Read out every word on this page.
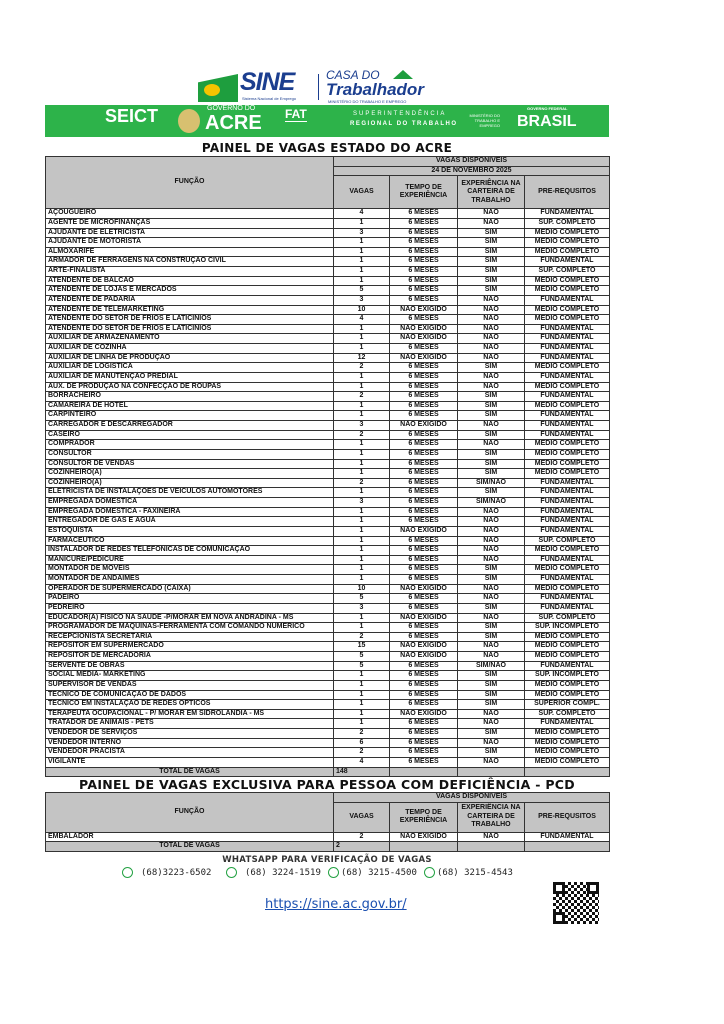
SINE
Sistema Nacional de Emprego
CASA DO
Trabalhador
MINISTÉRIO DO TRABALHO E EMPREGO
SEICT	GOVERNO DO
ACRE FAT	SUPERINTENDÊNCIA
REGIONAL DO TRABALHO
MINISTÉRIO DO TRABALHO E EMPREGO
GOVERNO FEDERAL
BRASIL
PAINEL DE VAGAS ESTADO DO ACRE
FUNÇÃO	VAGAS DISPONIVEIS			
	24 DE NOVEMBRO 2025			
	VAGAS	TEMPO DE EXPERIÊNCIA	EXPERIÊNCIA NA CARTEIRA DE TRABALHO	PRE-REQUSITOS
AÇOUGUEIRO	4	6 MESES	NÃO	FUNDAMENTAL
AGENTE DE MICROFINANÇAS	1	6 MESES	NÃO	SUP. COMPLETO
AJUDANTE DE ELETRICISTA	3	6 MESES	SIM	MÉDIO COMPLETO
AJUDANTE DE MOTORISTA	1	6 MESES	SIM	MÉDIO COMPLETO
ALMOXARIFE	1	6 MESES	SIM	MÉDIO COMPLETO
ARMADOR DE FERRAGENS NA CONSTRUÇÃO CIVIL	1	6 MESES	SIM	FUNDAMENTAL
ARTE-FINALISTA	1	6 MESES	SIM	SUP. COMPLETO
ATENDENTE DE BALCÃO	1	6 MESES	SIM	MÉDIO COMPLETO
ATENDENTE DE LOJAS E MERCADOS	5	6 MESES	SIM	MÉDIO COMPLETO
ATENDENTE DE PADARIA	3	6 MESES	NÃO	FUNDAMENTAL
ATENDENTE DE TELEMARKETING	10	NÃO EXIGIDO	NÃO	MÉDIO COMPLETO
ATENDENTE DO SETOR DE FRIOS E LATICÍNIOS	4	6 MESES	NÃO	MÉDIO COMPLETO
ATENDENTE DO SETOR DE FRIOS E LATICÍNIOS	1	NÃO EXIGIDO	NÃO	FUNDAMENTAL
AUXILIAR DE ARMAZENAMENTO	1	NÃO EXIGIDO	NÃO	FUNDAMENTAL
AUXILIAR DE COZINHA	1	6 MESES	NÃO	FUNDAMENTAL
AUXILIAR DE LINHA DE PRODUÇÃO	12	NÃO EXIGIDO	NÃO	FUNDAMENTAL
AUXILIAR DE LOGISTICA	2	6 MESES	SIM	MÉDIO COMPLETO
AUXILIAR DE MANUTENÇÃO PREDIAL	1	6 MESES	NÃO	FUNDAMENTAL
AUX. DE PRODUÇÃO NA CONFECÇÃO DE ROUPAS	1	6 MESES	NÃO	MÉDIO COMPLETO
BORRACHEIRO	2	6 MESES	SIM	FUNDAMENTAL
CAMAREIRA DE HOTEL	1	6 MESES	SIM	MÉDIO COMPLETO
CARPINTEIRO	1	6 MESES	SIM	FUNDAMENTAL
CARREGADOR E DESCARREGADOR	3	NÃO EXIGIDO	NÃO	FUNDAMENTAL
CASEIRO	2	6 MESES	SIM	FUNDAMENTAL
COMPRADOR	1	6 MESES	NÃO	MÉDIO COMPLETO
CONSULTOR	1	6 MESES	SIM	MÉDIO COMPLETO
CONSULTOR DE VENDAS	1	6 MESES	SIM	MÉDIO COMPLETO
COZINHEIRO(A)	1	6 MESES	SIM	MÉDIO COMPLETO
COZINHEIRO(A)	2	6 MESES	SIM/NÃO	FUNDAMENTAL
ELETRICISTA DE INSTALAÇÕES DE VEICULOS AUTOMOTORES	1	6 MESES	SIM	FUNDAMENTAL
EMPREGADA DOMÉSTICA	3	6 MESES	SIM/NÃO	FUNDAMENTAL
EMPREGADA DOMÉSTICA - FAXINEIRA	1	6 MESES	NÃO	FUNDAMENTAL
ENTREGADOR DE GÁS E ÁGUA	1	6 MESES	NÃO	FUNDAMENTAL
ESTOQUISTA	1	NÃO EXIGIDO	NÃO	FUNDAMENTAL
FARMACÊUTICO	1	6 MESES	NÃO	SUP. COMPLETO
INSTALADOR DE REDES TELEFÔNICAS DE COMUNICAÇÃO	1	6 MESES	NÃO	MÉDIO COMPLETO
MANICURE/PEDICURE	1	6 MESES	NÃO	FUNDAMENTAL
MONTADOR DE MOVEIS	1	6 MESES	SIM	MÉDIO COMPLETO
MONTADOR DE ANDAIMES	1	6 MESES	SIM	FUNDAMENTAL
OPERADOR DE SUPERMERCADO (CAIXA)	10	NÃO EXIGIDO	NÃO	MÉDIO COMPLETO
PADEIRO	5	6 MESES	NÃO	FUNDAMENTAL
PEDREIRO	3	6 MESES	SIM	FUNDAMENTAL
EDUCADOR(A) FÍSICO NA SAÚDE -P/MORAR EM NOVA ANDRADINA - MS	1	NÃO EXIGIDO	NÃO	SUP. COMPLETO
PROGRAMADOR DE MÁQUINAS-FERRAMENTA COM COMANDO NUMÉRICO	1	6 MESES	SIM	SUP. INCOMPLETO
RECEPCIONISTA SECRETÁRIA	2	6 MESES	SIM	MÉDIO COMPLETO
REPOSITOR EM SUPERMERCADO	15	NÃO EXIGIDO	NÃO	MÉDIO COMPLETO
REPOSITOR DE MERCADORIA	5	NÃO EXIGIDO	NÃO	MÉDIO COMPLETO
SERVENTE DE OBRAS	5	6 MESES	SIM/NÃO	FUNDAMENTAL
SOCIAL MEDIA- MARKETING	1	6 MESES	SIM	SUP. INCOMPLETO
SUPERVISOR DE VENDAS	1	6 MESES	SIM	MÉDIO COMPLETO
TÉCNICO DE COMUNICAÇÃO DE DADOS	1	6 MESES	SIM	MÉDIO COMPLETO
TÉCNICO EM INSTALAÇÃO DE REDES ÓPTICOS	1	6 MESES	SIM	SUPERIOR COMPL.
TERAPEUTA OCUPACIONAL - P/ MORAR EM SIDROLÂNDIA - MS	1	NÃO EXIGIDO	NÃO	SUP. COMPLETO
TRATADOR DE ANIMAIS - PETS	1	6 MESES	NÃO	FUNDAMENTAL
VENDEDOR DE SERVIÇOS	2	6 MESES	SIM	MÉDIO COMPLETO
VENDEDOR INTERNO	6	6 MESES	NÃO	MÉDIO COMPLETO
VENDEDOR PRACISTA	2	6 MESES	SIM	MÉDIO COMPLETO
VIGILANTE	4	6 MESES	NÃO	MÉDIO COMPLETO
TOTAL DE VAGAS	148			
PAINEL DE VAGAS EXCLUSIVA PARA PESSOA COM DEFICIÊNCIA - PCD
FUNÇÃO	VAGAS DISPONIVEIS			
	VAGAS	TEMPO DE EXPERIÊNCIA	EXPERIÊNCIA NA CARTEIRA DE TRABALHO	PRE-REQUSITOS
EMBALADOR	2	NÃO EXIGIDO	NÃO	FUNDAMENTAL
TOTAL DE VAGAS	2			
WHATSAPP PARA VERIFICAÇÃO DE VAGAS
(68)3223-6502	(68) 3224-1519	(68) 3215-4500	(68) 3215-4543
https://sine.ac.gov.br/
